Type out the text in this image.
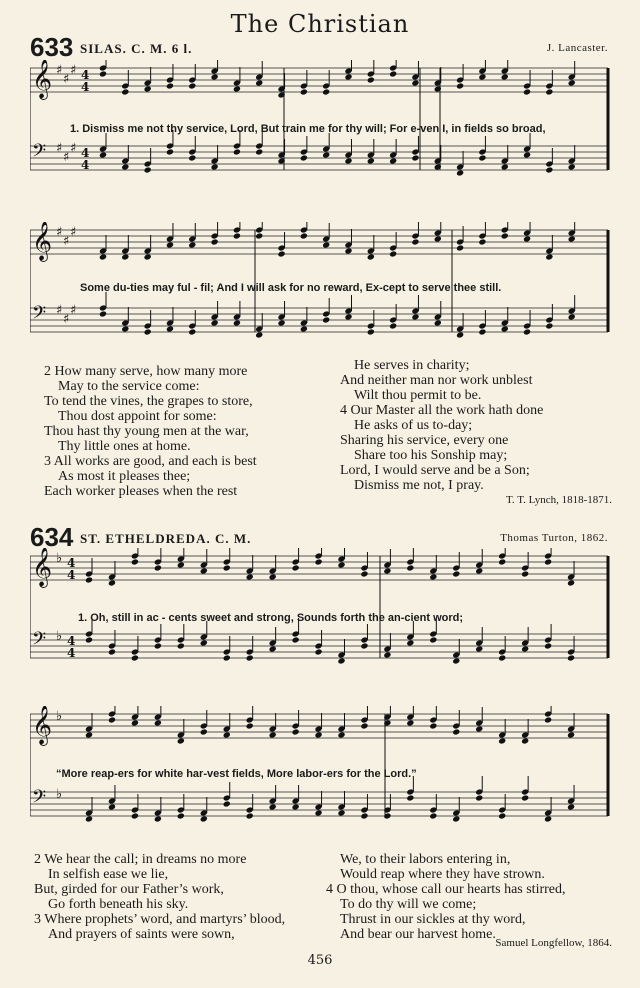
The Christian
633 SILAS. C. M. 6 l.	J. Lancaster.
𝄞 ♯
♯
♯ 4
4
𝄢 ♯
♯
♯ 4
4
1. Dismiss me not thy service, Lord, But train me for thy will; For e-ven I, in fields so broad,
𝄞 ♯
♯
♯
𝄢 ♯
♯
♯
Some du-ties may ful - fil; And I will ask for no reward, Ex-cept to serve thee still.
2 How many serve, how many more
May to the service come:
To tend the vines, the grapes to store,
Thou dost appoint for some:
Thou hast thy young men at the war,
Thy little ones at home.
3 All works are good, and each is best
As most it pleases thee;
Each worker pleases when the rest
He serves in charity;
And neither man nor work unblest
Wilt thou permit to be.
4 Our Master all the work hath done
He asks of us to-day;
Sharing his service, every one
Share too his Sonship may;
Lord, I would serve and be a Son;
Dismiss me not, I pray.
T. T. Lynch, 1818-1871.
634 ST. ETHELDREDA. C. M.	Thomas Turton, 1862.
𝄞 ♭ 4
4
𝄢 ♭ 4
4
1. Oh, still in ac - cents sweet and strong, Sounds forth the an-cient word;
𝄞 ♭
𝄢 ♭
“More reap-ers for white har-vest fields, More labor-ers for the Lord.”
2 We hear the call; in dreams no more
In selfish ease we lie,
But, girded for our Father’s work,
Go forth beneath his sky.
3 Where prophets’ word, and martyrs’ blood,
And prayers of saints were sown,
We, to their labors entering in,
Would reap where they have strown.
4 O thou, whose call our hearts has stirred,
To do thy will we come;
Thrust in our sickles at thy word,
And bear our harvest home.
Samuel Longfellow, 1864.
456
